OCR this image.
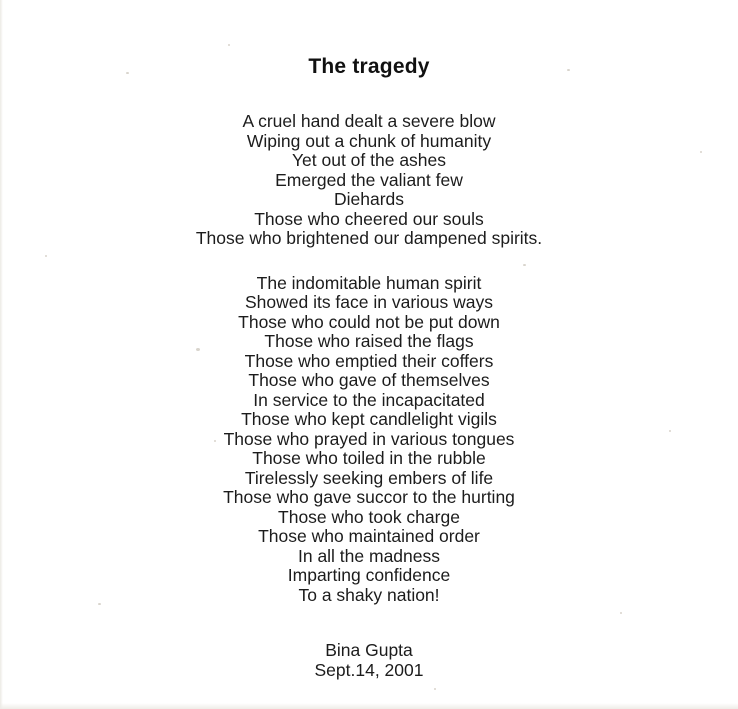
The tragedy
A cruel hand dealt a severe blow
Wiping out a chunk of humanity
Yet out of the ashes
Emerged the valiant few
Diehards
Those who cheered our souls
Those who brightened our dampened spirits.
The indomitable human spirit
Showed its face in various ways
Those who could not be put down
Those who raised the flags
Those who emptied their coffers
Those who gave of themselves
In service to the incapacitated
Those who kept candlelight vigils
Those who prayed in various tongues
Those who toiled in the rubble
Tirelessly seeking embers of life
Those who gave succor to the hurting
Those who took charge
Those who maintained order
In all the madness
Imparting confidence
To a shaky nation!
Bina Gupta
Sept.14, 2001
